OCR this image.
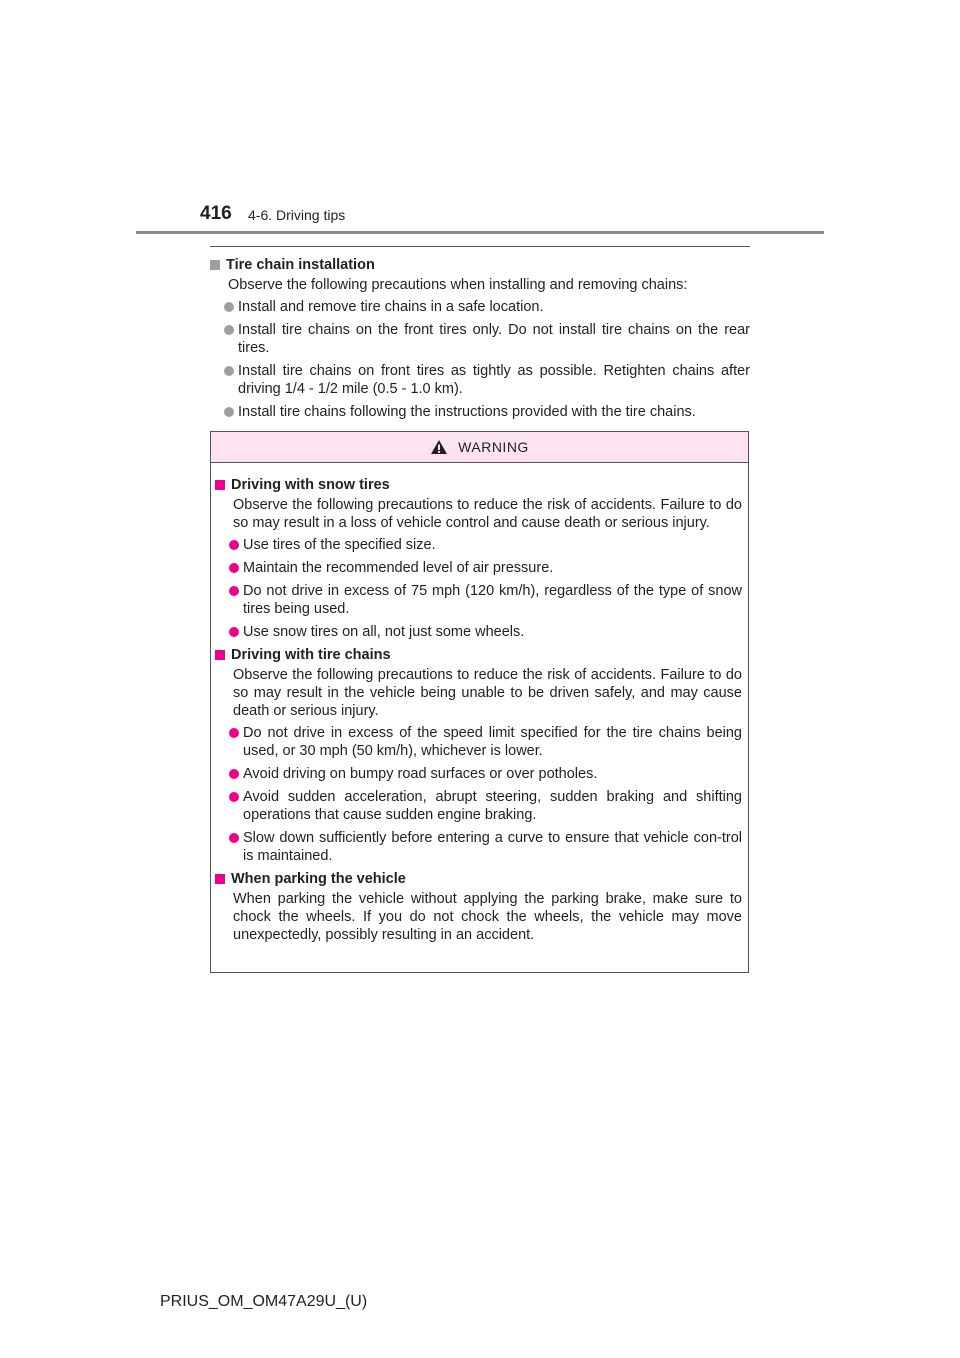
416 4-6. Driving tips
Tire chain installation
Observe the following precautions when installing and removing chains:
Install and remove tire chains in a safe location.
Install tire chains on the front tires only. Do not install tire chains on the rear tires.
Install tire chains on front tires as tightly as possible. Retighten chains after driving 1/4 - 1/2 mile (0.5 - 1.0 km).
Install tire chains following the instructions provided with the tire chains.
WARNING
Driving with snow tires
Observe the following precautions to reduce the risk of accidents. Failure to do so may result in a loss of vehicle control and cause death or serious injury.
Use tires of the specified size.
Maintain the recommended level of air pressure.
Do not drive in excess of 75 mph (120 km/h), regardless of the type of snow tires being used.
Use snow tires on all, not just some wheels.
Driving with tire chains
Observe the following precautions to reduce the risk of accidents. Failure to do so may result in the vehicle being unable to be driven safely, and may cause death or serious injury.
Do not drive in excess of the speed limit specified for the tire chains being used, or 30 mph (50 km/h), whichever is lower.
Avoid driving on bumpy road surfaces or over potholes.
Avoid sudden acceleration, abrupt steering, sudden braking and shifting operations that cause sudden engine braking.
Slow down sufficiently before entering a curve to ensure that vehicle con-trol is maintained.
When parking the vehicle
When parking the vehicle without applying the parking brake, make sure to chock the wheels. If you do not chock the wheels, the vehicle may move unexpectedly, possibly resulting in an accident.
PRIUS_OM_OM47A29U_(U)
